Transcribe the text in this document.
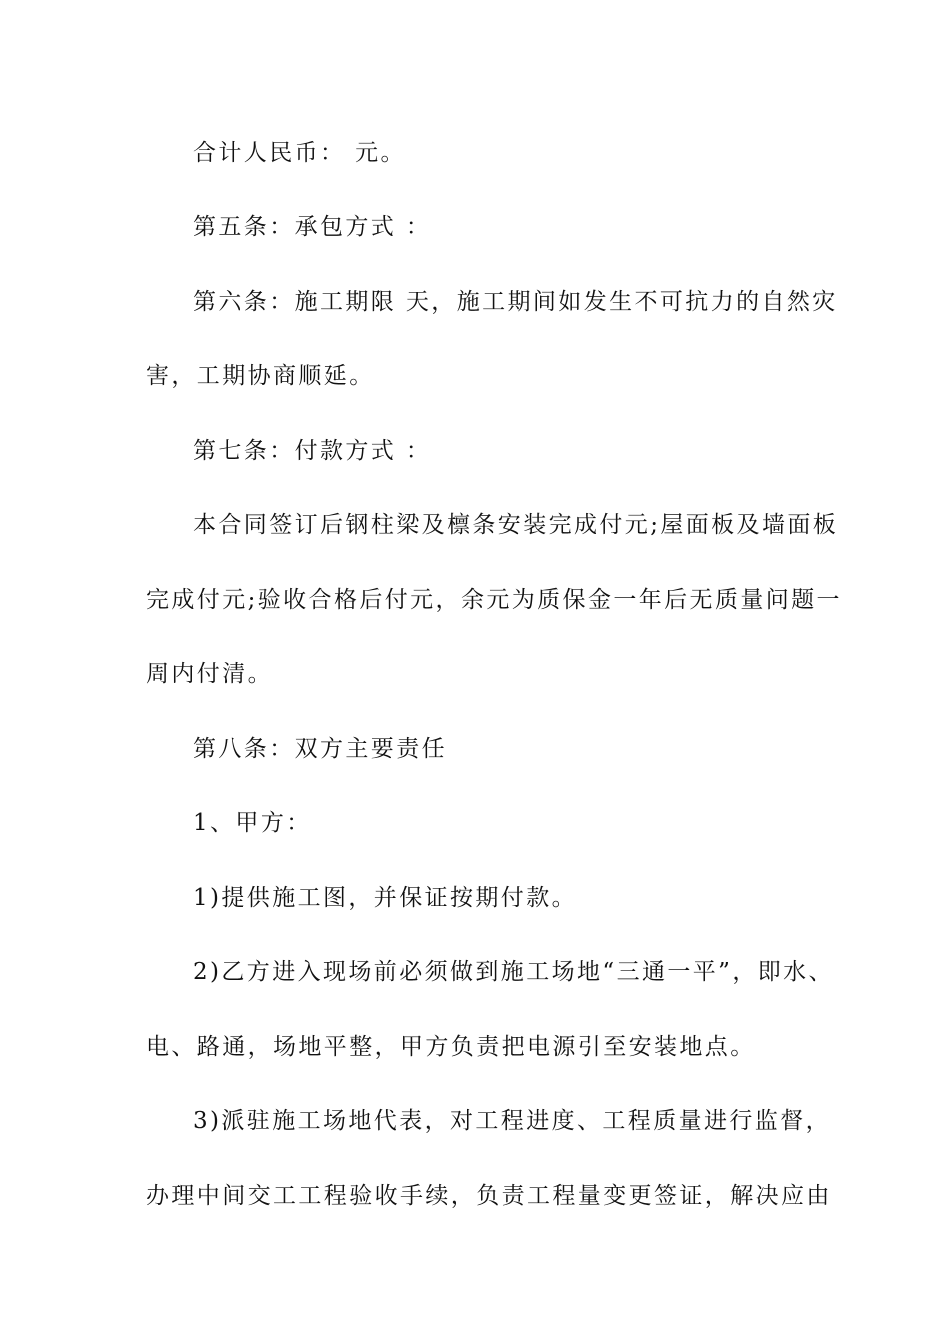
合计人民币： 元。
第五条：承包方式 ：
第六条：施工期限 天，施工期间如发生不可抗力的自然灾
害，工期协商顺延。
第七条：付款方式 ：
本合同签订后钢柱梁及檩条安装完成付元;屋面板及墙面板
完成付元;验收合格后付元，余元为质保金一年后无质量问题一
周内付清。
第八条：双方主要责任
1、甲方：
1)提供施工图，并保证按期付款。
2)乙方进入现场前必须做到施工场地“三通一平”，即水、
电、路通，场地平整，甲方负责把电源引至安装地点。
3)派驻施工场地代表，对工程进度、工程质量进行监督，
办理中间交工工程验收手续，负责工程量变更签证，解决应由
